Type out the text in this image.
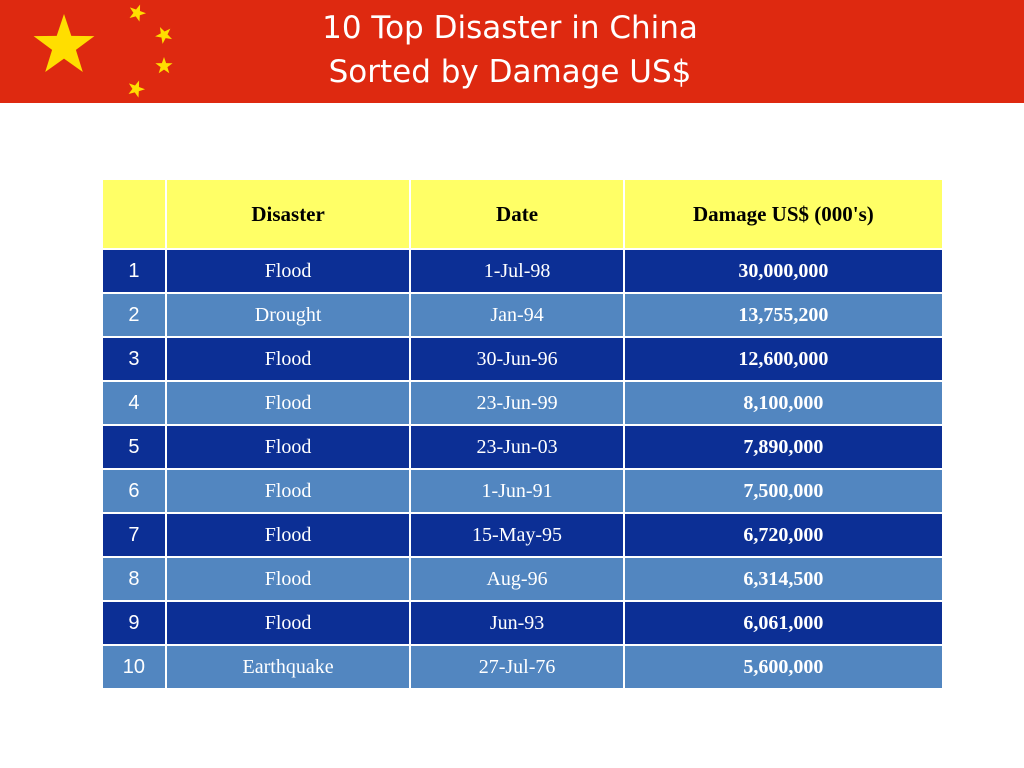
10 Top Disaster in China
Sorted by Damage US$
	Disaster	Date	Damage US$ (000's)
1	Flood	1-Jul-98	30,000,000
2	Drought	Jan-94	13,755,200
3	Flood	30-Jun-96	12,600,000
4	Flood	23-Jun-99	8,100,000
5	Flood	23-Jun-03	7,890,000
6	Flood	1-Jun-91	7,500,000
7	Flood	15-May-95	6,720,000
8	Flood	Aug-96	6,314,500
9	Flood	Jun-93	6,061,000
10	Earthquake	27-Jul-76	5,600,000
